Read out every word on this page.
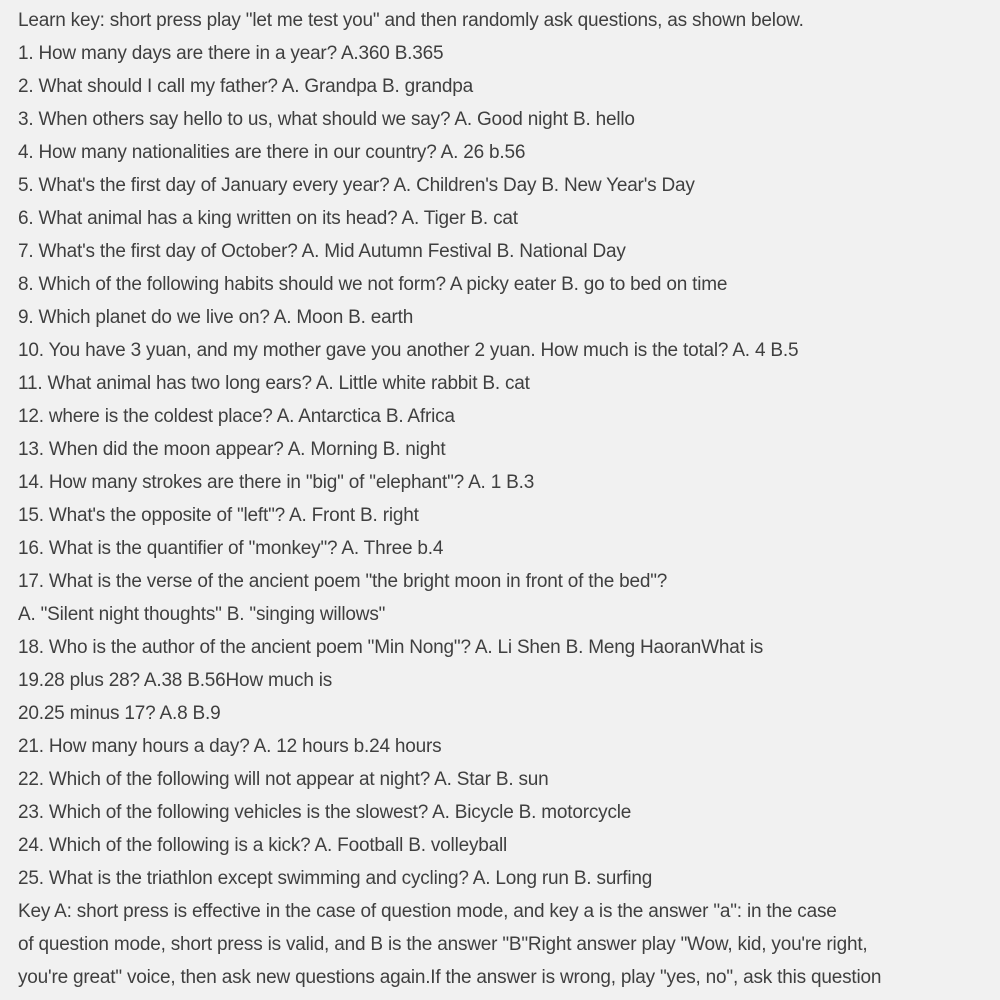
Learn key: short press play "let me test you" and then randomly ask questions, as shown below.
1. How many days are there in a year? A.360 B.365
2. What should I call my father? A. Grandpa B. grandpa
3. When others say hello to us, what should we say? A. Good night B. hello
4. How many nationalities are there in our country? A. 26 b.56
5. What's the first day of January every year? A. Children's Day B. New Year's Day
6. What animal has a king written on its head? A. Tiger B. cat
7. What's the first day of October? A. Mid Autumn Festival B. National Day
8. Which of the following habits should we not form? A picky eater B. go to bed on time
9. Which planet do we live on? A. Moon B. earth
10. You have 3 yuan, and my mother gave you another 2 yuan. How much is the total? A. 4 B.5
11. What animal has two long ears? A. Little white rabbit B. cat
12. where is the coldest place? A. Antarctica B. Africa
13. When did the moon appear? A. Morning B. night
14. How many strokes are there in "big" of "elephant"? A. 1 B.3
15. What's the opposite of "left"? A. Front B. right
16. What is the quantifier of "monkey"? A. Three b.4
17. What is the verse of the ancient poem "the bright moon in front of the bed"?
A. "Silent night thoughts" B. "singing willows"
18. Who is the author of the ancient poem "Min Nong"? A. Li Shen B. Meng HaoranWhat is
19.28 plus 28? A.38 B.56How much is
20.25 minus 17? A.8 B.9
21. How many hours a day? A. 12 hours b.24 hours
22. Which of the following will not appear at night? A. Star B. sun
23. Which of the following vehicles is the slowest? A. Bicycle B. motorcycle
24. Which of the following is a kick? A. Football B. volleyball
25. What is the triathlon except swimming and cycling? A. Long run B. surfing
Key A: short press is effective in the case of question mode, and key a is the answer "a": in the case
of question mode, short press is valid, and B is the answer "B"Right answer play "Wow, kid, you're right,
you're great" voice, then ask new questions again.If the answer is wrong, play "yes, no", ask this question
